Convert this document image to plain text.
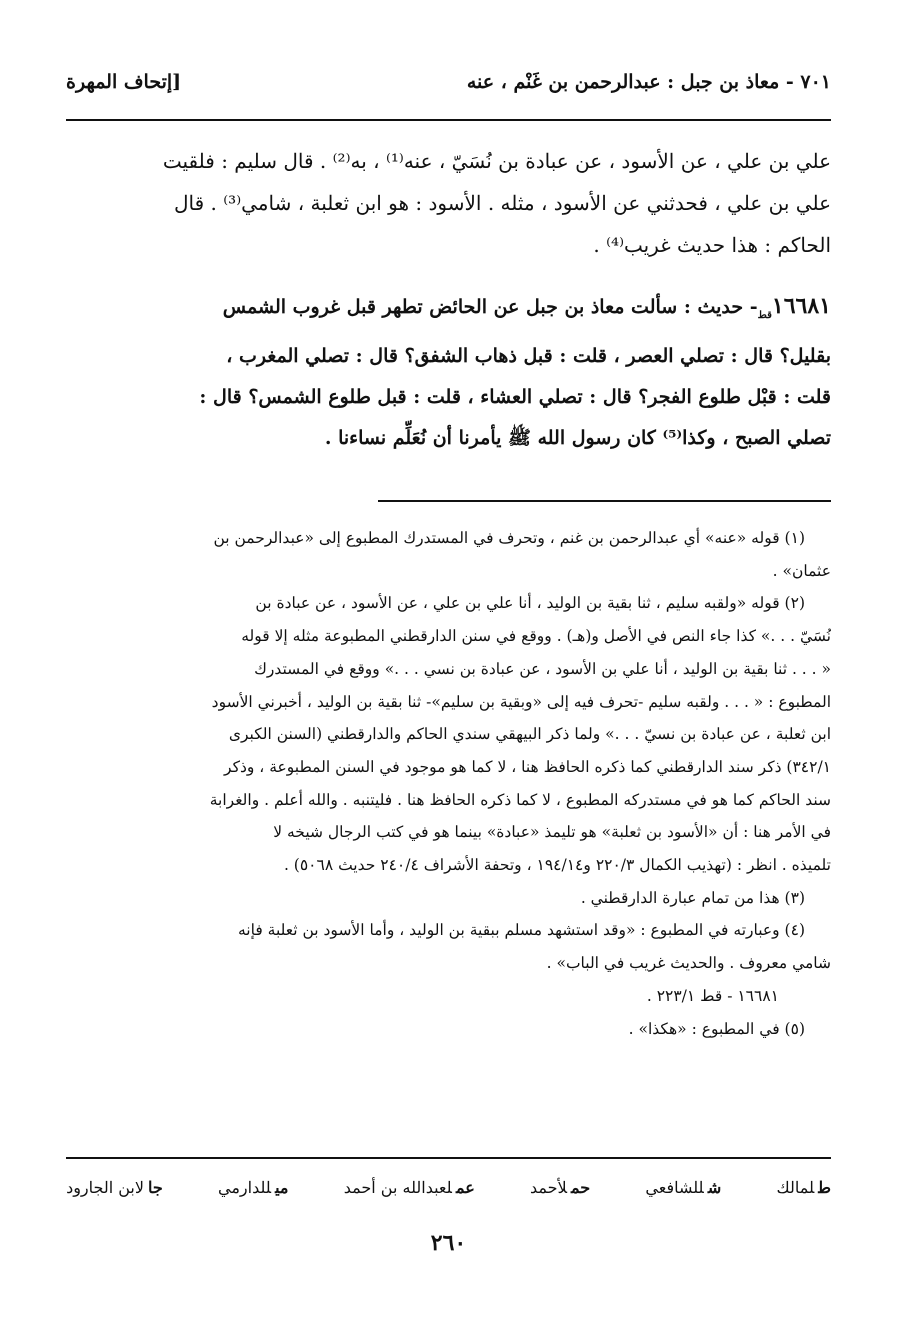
٧٠١ - معاذ بن جبل : عبدالرحمن بن غَنْم ، عنه
[إتحاف المهرة
علي بن علي ، عن الأسود ، عن عبادة بن نُسَيّ ، عنه⁽¹⁾ ، به⁽²⁾ . قال سليم : فلقيت
علي بن علي ، فحدثني عن الأسود ، مثله . الأسود : هو ابن ثعلبة ، شامي⁽³⁾ . قال
الحاكم : هذا حديث غريب⁽⁴⁾ .
$١٦٦٨١_{قط}-$ حديث : سألت معاذ بن جبل عن الحائض تطهر قبل غروب الشمس
بقليل؟ قال : تصلي العصر ، قلت : قبل ذهاب الشفق؟ قال : تصلي المغرب ،
قلت : قبْل طلوع الفجر؟ قال : تصلي العشاء ، قلت : قبل طلوع الشمس؟ قال :
تصلي الصبح ، وكذا⁽⁵⁾ كان رسول الله ﷺ يأمرنا أن نُعَلِّم نساءنا .
(١) قوله «عنه» أي عبدالرحمن بن غنم ، وتحرف في المستدرك المطبوع إلى «عبدالرحمن بن
عثمان» .
(٢) قوله «ولقبه سليم ، ثنا بقية بن الوليد ، أنا علي بن علي ، عن الأسود ، عن عبادة بن
نُسَيّ . . .» كذا جاء النص في الأصل و(هـ) . ووقع في سنن الدارقطني المطبوعة مثله إلا قوله
« . . . ثنا بقية بن الوليد ، أنا علي بن الأسود ، عن عبادة بن نسي . . .» ووقع في المستدرك
المطبوع : « . . . ولقبه سليم -تحرف فيه إلى «وبقية بن سليم»- ثنا بقية بن الوليد ، أخبرني الأسود
ابن ثعلبة ، عن عبادة بن نسيّ . . .» ولما ذكر البيهقي سندي الحاكم والدارقطني (السنن الكبرى
٣٤٢/١) ذكر سند الدارقطني كما ذكره الحافظ هنا ، لا كما هو موجود في السنن المطبوعة ، وذكر
سند الحاكم كما هو في مستدركه المطبوع ، لا كما ذكره الحافظ هنا . فليتنبه . والله أعلم . والغرابة
في الأمر هنا : أن «الأسود بن ثعلبة» هو تليمذ «عبادة» بينما هو في كتب الرجال شيخه لا
تلميذه . انظر : (تهذيب الكمال ٢٢٠/٣ و١٩٤/١٤ ، وتحفة الأشراف ٢٤٠/٤ حديث ٥٠٦٨) .
(٣) هذا من تمام عبارة الدارقطني .
(٤) وعبارته في المطبوع : «وقد استشهد مسلم ببقية بن الوليد ، وأما الأسود بن ثعلبة فإنه
شامي معروف . والحديث غريب في الباب» .
١٦٦٨١ - قط ٢٢٣/١ .
(٥) في المطبوع : «هكذا» .
طلمالك
شللشافعي
حملأحمد
عملعبدالله بن أحمد
ميللدارمي
جالابن الجارود
٢٦٠
